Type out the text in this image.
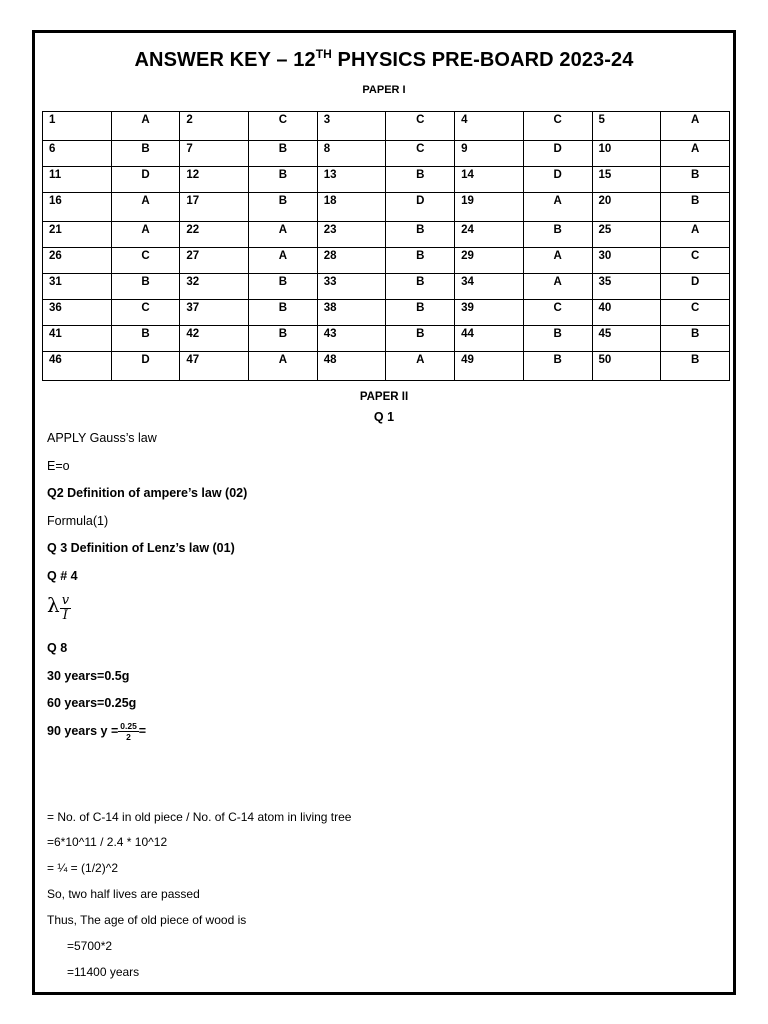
ANSWER KEY – 12TH PHYSICS PRE-BOARD 2023-24
PAPER I
1	A	2	C	3	C	4	C	5	A
6	B	7	B	8	C	9	D	10	A
11	D	12	B	13	B	14	D	15	B
16	A	17	B	18	D	19	A	20	B
21	A	22	A	23	B	24	B	25	A
26	C	27	A	28	B	29	A	30	C
31	B	32	B	33	B	34	A	35	D
36	C	37	B	38	B	39	C	40	C
41	B	42	B	43	B	44	B	45	B
46	D	47	A	48	A	49	B	50	B
PAPER II
Q 1
APPLY Gauss’s law
E=o
Q2 Definition of ampere’s law (02)
Formula(1)
Q 3 Definition of Lenz’s law (01)
Q # 4
λ $\frac{v}{I}$
Q 8
30 years=0.5g
60 years=0.25g
90 years $y = \frac{0.25}{2}$ =
= No. of C-14 in old piece / No. of C-14 atom in living tree
=6*10^11 / 2.4 * 10^12
= ¼ = (1/2)^2
So, two half lives are passed
Thus, The age of old piece of wood is
=5700*2
=11400 years
